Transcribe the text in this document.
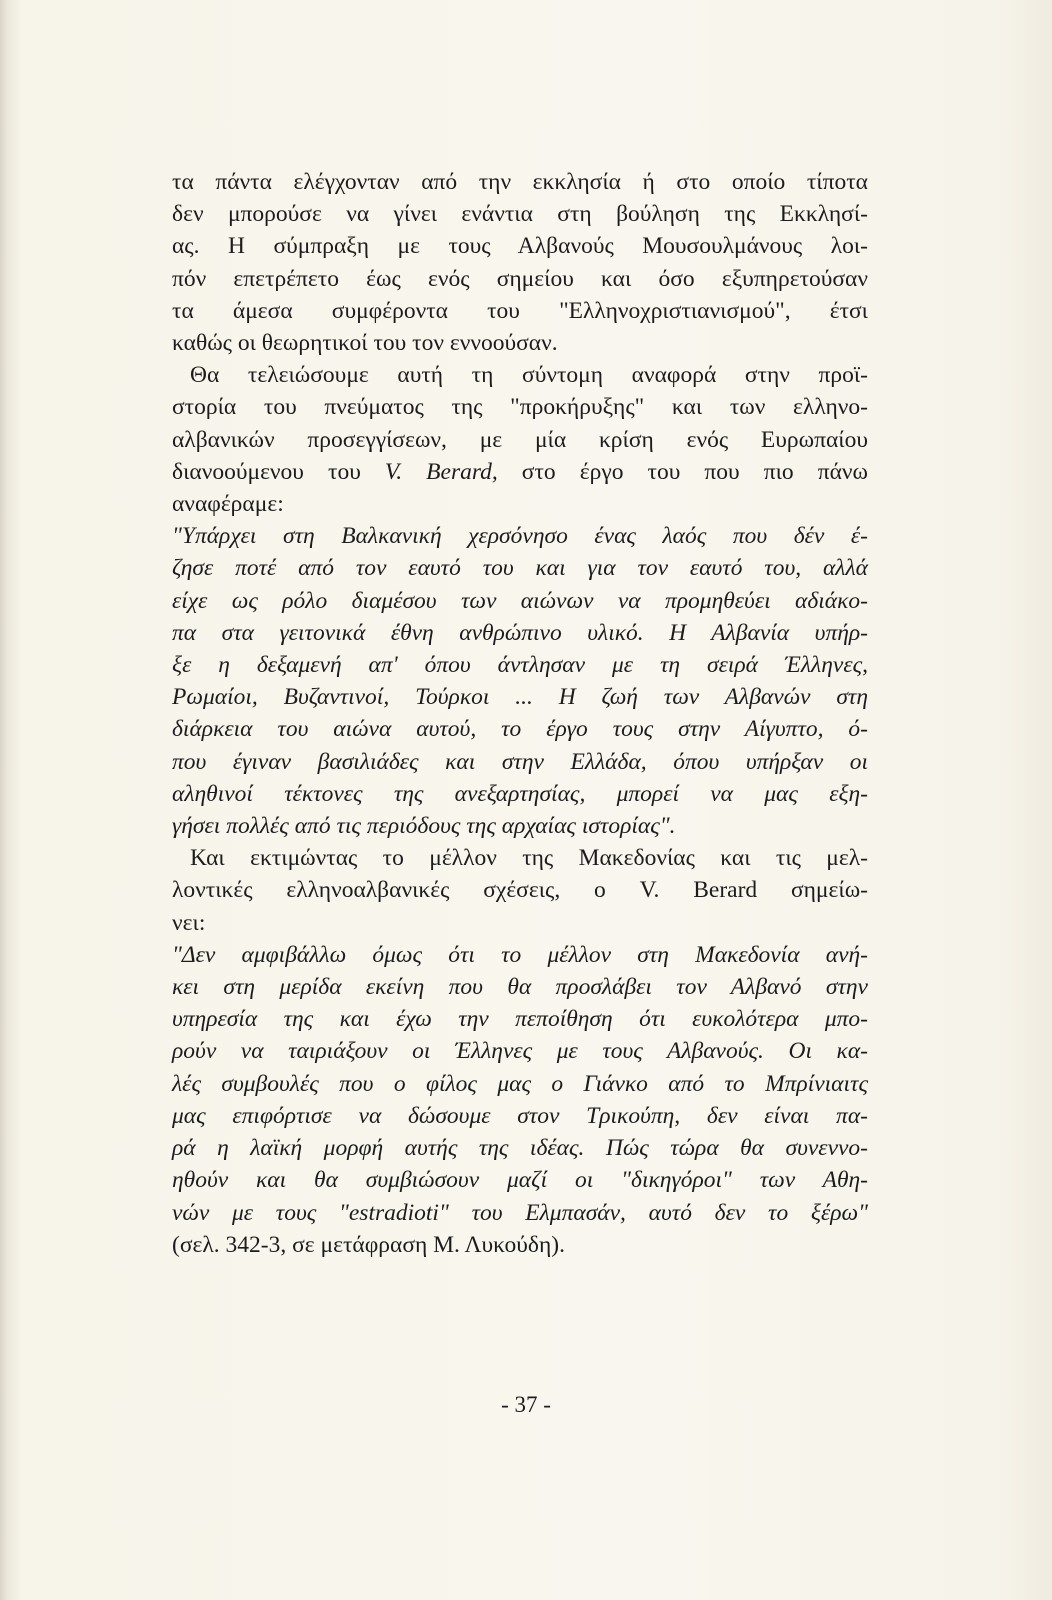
τα πάντα ελέγχονταν από την εκκλησία ή στο οποίο τίποτα
δεν μπορούσε να γίνει ενάντια στη βούληση της Εκκλησί-
ας. Η σύμπραξη με τους Αλβανούς Μουσουλμάνους λοι-
πόν επετρέπετο έως ενός σημείου και όσο εξυπηρετούσαν
τα άμεσα συμφέροντα του "Ελληνοχριστιανισμού", έτσι
καθώς οι θεωρητικοί του τον εννοούσαν.
Θα τελειώσουμε αυτή τη σύντομη αναφορά στην προϊ-
στορία του πνεύματος της "προκήρυξης" και των ελληνο-
αλβανικών προσεγγίσεων, με μία κρίση ενός Ευρωπαίου
διανοούμενου του V. Berard, στο έργο του που πιο πάνω
αναφέραμε:
"Υπάρχει στη Βαλκανική χερσόνησο ένας λαός που δέν έ-
ζησε ποτέ από τον εαυτό του και για τον εαυτό του, αλλά
είχε ως ρόλο διαμέσου των αιώνων να προμηθεύει αδιάκο-
πα στα γειτονικά έθνη ανθρώπινο υλικό. Η Αλβανία υπήρ-
ξε η δεξαμενή απ' όπου άντλησαν με τη σειρά Έλληνες,
Ρωμαίοι, Βυζαντινοί, Τούρκοι ... Η ζωή των Αλβανών στη
διάρκεια του αιώνα αυτού, το έργο τους στην Αίγυπτο, ό-
που έγιναν βασιλιάδες και στην Ελλάδα, όπου υπήρξαν οι
αληθινοί τέκτονες της ανεξαρτησίας, μπορεί να μας εξη-
γήσει πολλές από τις περιόδους της αρχαίας ιστορίας".
Και εκτιμώντας το μέλλον της Μακεδονίας και τις μελ-
λοντικές ελληνοαλβανικές σχέσεις, ο V. Berard σημείω-
νει:
"Δεν αμφιβάλλω όμως ότι το μέλλον στη Μακεδονία ανή-
κει στη μερίδα εκείνη που θα προσλάβει τον Αλβανό στην
υπηρεσία της και έχω την πεποίθηση ότι ευκολότερα μπο-
ρούν να ταιριάξουν οι Έλληνες με τους Αλβανούς. Οι κα-
λές συμβουλές που ο φίλος μας ο Γιάνκο από το Μπρίνιαιτς
μας επιφόρτισε να δώσουμε στον Τρικούπη, δεν είναι πα-
ρά η λαϊκή μορφή αυτής της ιδέας. Πώς τώρα θα συνεννο-
ηθούν και θα συμβιώσουν μαζί οι "δικηγόροι" των Αθη-
νών με τους "estradioti" του Ελμπασάν, αυτό δεν το ξέρω"
(σελ. 342-3, σε μετάφραση Μ. Λυκούδη).
- 37 -
